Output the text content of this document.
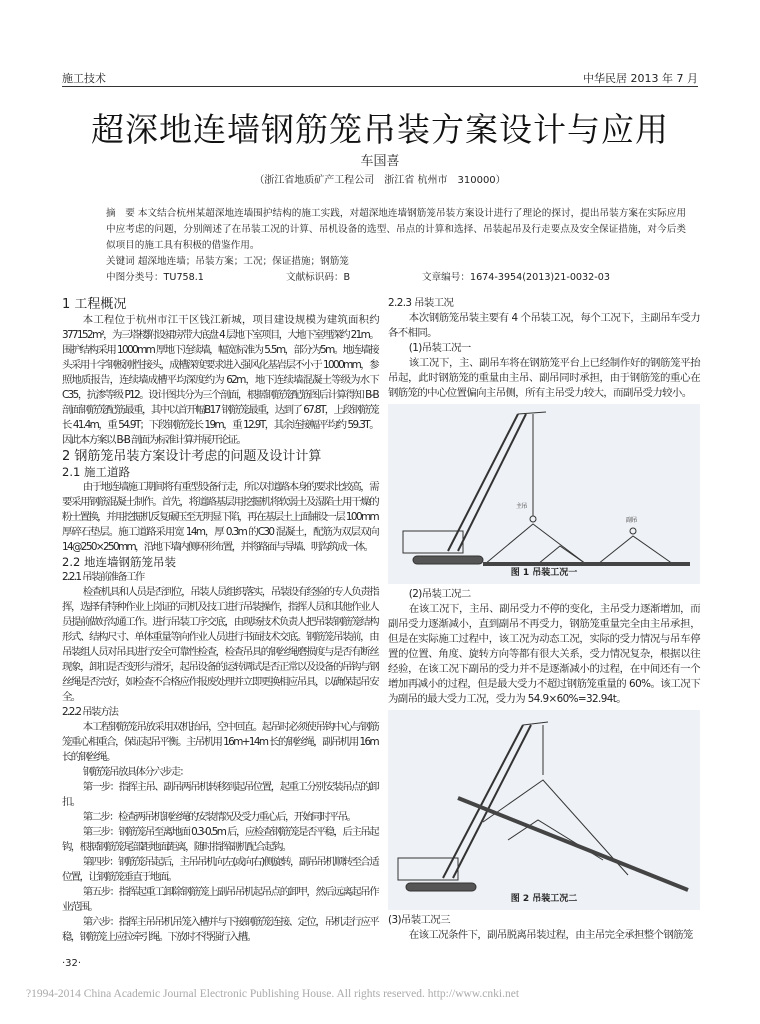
施工技术	中华民居 2013 年 7 月
超深地连墙钢筋笼吊装方案设计与应用
车国喜
（浙江省地质矿产工程公司　浙江省 杭州市　310000）
摘　要 本文结合杭州某超深地连墙围护结构的施工实践，对超深地连墙钢筋笼吊装方案设计进行了理论的探讨，提出吊装方案在实际应用中应考虑的问题，分别阐述了在吊装工况的计算、吊机设备的选型、吊点的计算和选择、吊装起吊及行走要点及安全保证措施，对今后类似项目的施工具有积极的借鉴作用。
关键词 超深地连墙；吊装方案；工况；保证措施；钢筋笼
中图分类号：TU758.1	文献标识码：B	文章编号：1674-3954(2013)21-0032-03

1 工程概况

本工程位于杭州市江干区钱江新城，项目建设规模为建筑面积约377152m²，为三塔楼附设裙房带大底盘 4 层地下室项目，大地下室埋深约 21m。围护结构采用 1000mm 厚地下连续墙，幅宽标准为 5.5m，部分为5m。地连墙接头采用十字钢板刚性接头，成槽深度要求进入强风化基岩层不小于 1000mm，参照地质报告，连续墙成槽平均深度约为 62m，地下连续墙混凝土等级为水下 C35，抗渗等级 P12。设计图共分为三个剖面，根据钢筋笼配筋图后计算得知 B-B 剖面钢筋笼配筋最重，其中以首开幅B17 钢筋笼最重，达到了 67.8T，上段钢筋笼长 41.4m，重 54.9T；下段钢筋笼长 19m，重 12.9T，其余连接幅平均约 59.3T。因此本方案以 B-B 剖面为标准计算并展开论证。

2 钢筋笼吊装方案设计考虑的问题及设计计算

2.1 施工道路

由于地连墙施工期间将有重型设备行走，所以对道路本身的要求比较高，需要采用钢筋混凝土制作。首先，将道路基层用挖掘机将软弱土及湿陷土用干燥的粉土置换，并用挖掘机反复碾压至无明显下陷，再在基层土上面铺设一层 100mm 厚碎石垫层。施工道路采用宽 14m，厚 0.3m 的C30 混凝土，配筋为双层双向 14@250×250mm，沿地下墙内侧环形布置，并将路面与导墙、明沟筑成一体。

2.2 地连墙钢筋笼吊装

2.2.1 吊装前准备工作

检查机具和人员是否到位，吊装人员组织落实，吊装设有经验的专人负责指挥，选择有特种作业上岗证的司机及技工进行吊装操作，指挥人员和其他作业人员提前做好沟通工作。进行吊装工序交底，由现场技术负责人把吊装钢筋笼结构形式、结构尺寸、单体重量等向作业人员进行书面技术交底。钢筋笼吊装前，由吊装组人员对吊具进行安全可靠性检查，检查吊具的钢丝绳磨损度与是否有断丝现象，卸扣是否变形与滑牙，起吊设备的运转调试是否正常以及设备的吊钩与钢丝绳是否完好，如检查不合格应作报废处理并立即更换相应吊具，以确保起吊安全。

2.2.2 吊装方法

本工程钢筋笼吊放采用双机抬吊，空中回直。起吊时必须使吊钩中心与钢筋笼重心相重合，保证起吊平衡。主吊机用 16m+14m 长的钢丝绳，副吊机用 16m 长的钢丝绳。

钢筋笼吊放具体分六步走：

第一步：指挥主吊、副吊两吊机转移到起吊位置，起重工分别安装吊点的卸扣。

第二步：检查两吊机钢丝绳的安装情况及受力重心后，开始同时平吊。

第三步：钢筋笼吊至离地面 0.3-0.5m 后，应检查钢筋笼是否平稳，后主吊起钩，根据钢筋笼尾部距地面距离，随时指挥副机配合起钩。

第四步：钢筋笼吊起后，主吊吊机向左(或向右)侧旋转，副吊吊机顺转至合适位置，让钢筋笼垂直于地面。

第五步：指挥起重工卸除钢筋笼上副吊吊机起吊点的卸甲，然后远离起吊作业范围。

第六步：指挥主吊吊机吊笼入槽并与下接钢筋笼连接、定位，吊机走行应平稳，钢筋笼上应拉牵引绳。下放时不得强行入槽。

2.2.3 吊装工况

本次钢筋笼吊装主要有 4 个吊装工况，每个工况下，主副吊车受力各不相同。

(1)吊装工况一

该工况下，主、副吊车将在钢筋笼平台上已经制作好的钢筋笼平抬吊起，此时钢筋笼的重量由主吊、副吊同时承担，由于钢筋笼的重心在钢筋笼的中心位置偏向主吊侧，所有主吊受力较大，而副吊受力较小。

主吊
副吊
图 1 吊装工况一

(2)吊装工况二

在该工况下，主吊、副吊受力不停的变化，主吊受力逐渐增加，而副吊受力逐渐减小，直到副吊不再受力，钢筋笼重量完全由主吊承担，但是在实际施工过程中，该工况为动态工况，实际的受力情况与吊车停置的位置、角度、旋转方向等都有很大关系，受力情况复杂，根据以往经验，在该工况下副吊的受力并不是逐渐减小的过程，在中间还有一个增加再减小的过程，但是最大受力不超过钢筋笼重量的 60%。该工况下为副吊的最大受力工况，受力为 54.9×60%=32.94t。

图 2 吊装工况二

(3)吊装工况三

在该工况条件下，副吊脱离吊装过程，由主吊完全承担整个钢筋笼

·32·
?1994-2014 China Academic Journal Electronic Publishing House. All rights reserved. http://www.cnki.net
